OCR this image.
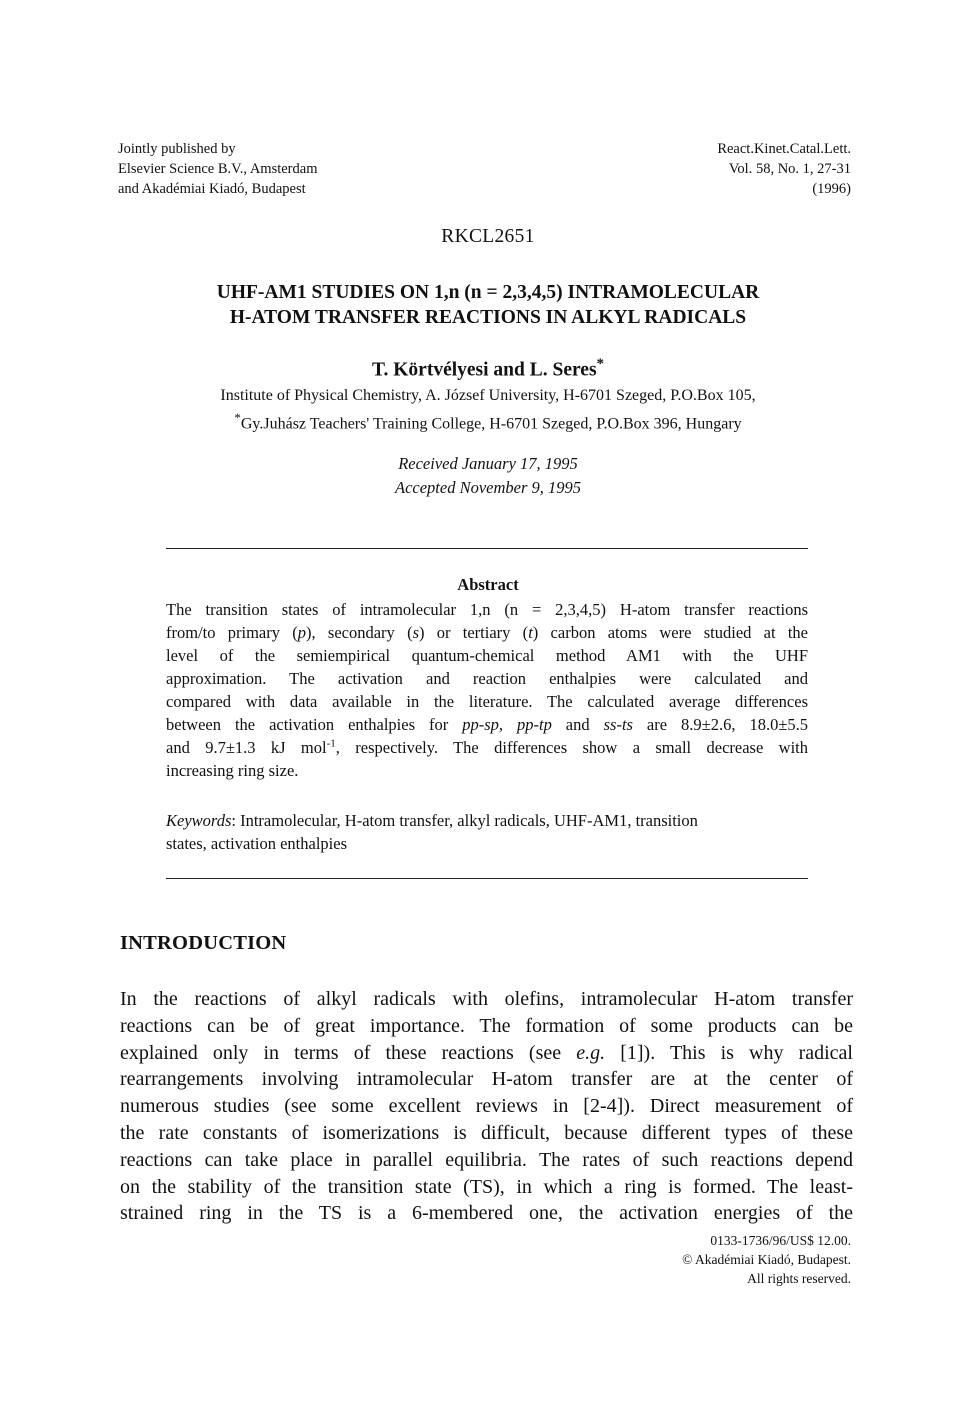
Jointly published by
Elsevier Science B.V., Amsterdam
and Akadémiai Kiadó, Budapest
React.Kinet.Catal.Lett.
Vol. 58, No. 1, 27-31
(1996)
RKCL2651
UHF-AM1 STUDIES ON 1,n (n = 2,3,4,5) INTRAMOLECULAR
H-ATOM TRANSFER REACTIONS IN ALKYL RADICALS
T. Körtvélyesi and L. Seres*
Institute of Physical Chemistry, A. József University, H-6701 Szeged, P.O.Box 105,
*Gy.Juhász Teachers' Training College, H-6701 Szeged, P.O.Box 396, Hungary
Received January 17, 1995
Accepted November 9, 1995
Abstract
The transition states of intramolecular 1,n (n = 2,3,4,5) H-atom transfer reactions
from/to primary (p), secondary (s) or tertiary (t) carbon atoms were studied at the
level of the semiempirical quantum-chemical method AM1 with the UHF
approximation. The activation and reaction enthalpies were calculated and
compared with data available in the literature. The calculated average differences
between the activation enthalpies for pp-sp, pp-tp and ss-ts are 8.9±2.6, 18.0±5.5
and 9.7±1.3 kJ mol$^{-1}$, respectively. The differences show a small decrease with
increasing ring size.
Keywords: Intramolecular, H-atom transfer, alkyl radicals, UHF-AM1, transition
states, activation enthalpies
INTRODUCTION
In the reactions of alkyl radicals with olefins, intramolecular H-atom transfer
reactions can be of great importance. The formation of some products can be
explained only in terms of these reactions (see e.g. [1]). This is why radical
rearrangements involving intramolecular H-atom transfer are at the center of
numerous studies (see some excellent reviews in [2-4]). Direct measurement of
the rate constants of isomerizations is difficult, because different types of these
reactions can take place in parallel equilibria. The rates of such reactions depend
on the stability of the transition state (TS), in which a ring is formed. The least-
strained ring in the TS is a 6-membered one, the activation energies of the
0133-1736/96/US$ 12.00.
© Akadémiai Kiadó, Budapest.
All rights reserved.
